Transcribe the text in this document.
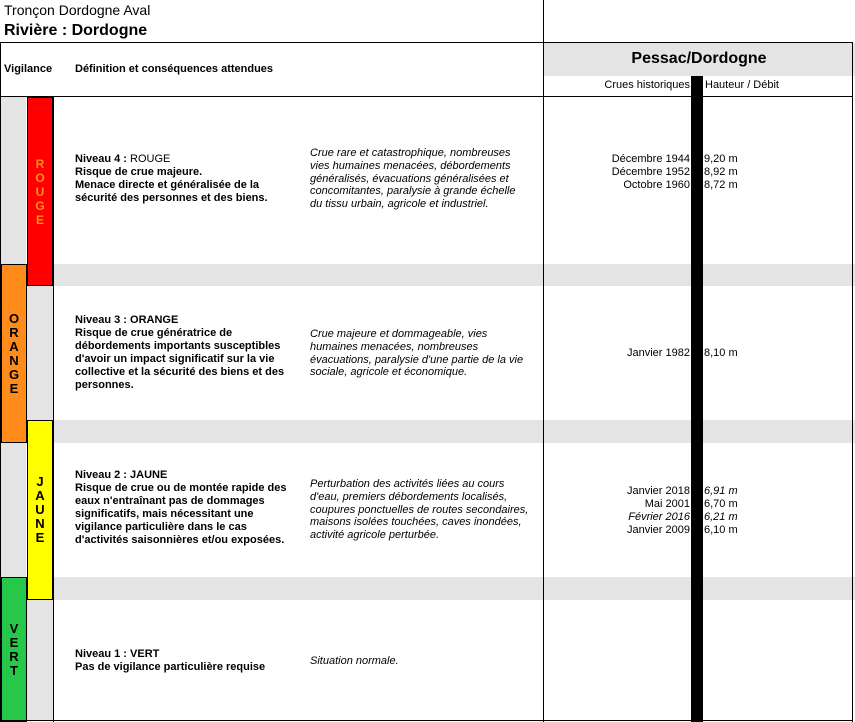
R
O
U
G
E
O
R
A
N
G
E
J
A
U
N
E
V
E
R
T
Tronçon Dordogne Aval
Rivière : Dordogne
Pessac/Dordogne
Vigilance Définition et conséquences attendues
Crues historiques Hauteur / Débit
Niveau 4 : ROUGE
Risque de crue majeure.
Menace directe et généralisée de la
sécurité des personnes et des biens.
Crue rare et catastrophique, nombreuses
vies humaines menacées, débordements
généralisés, évacuations généralisées et
concomitantes, paralysie à grande échelle
du tissu urbain, agricole et industriel.
Décembre 1944
Décembre 1952
Octobre 1960
9,20 m
8,92 m
8,72 m
Niveau 3 : ORANGE
Risque de crue génératrice de
débordements importants susceptibles
d'avoir un impact significatif sur la vie
collective et la sécurité des biens et des
personnes.
Crue majeure et dommageable, vies
humaines menacées, nombreuses
évacuations, paralysie d'une partie de la vie
sociale, agricole et économique.
Janvier 1982 8,10 m
Niveau 2 : JAUNE
Risque de crue ou de montée rapide des
eaux n'entraînant pas de dommages
significatifs, mais nécessitant une
vigilance particulière dans le cas
d'activités saisonnières et/ou exposées.
Perturbation des activités liées au cours
d'eau, premiers débordements localisés,
coupures ponctuelles de routes secondaires,
maisons isolées touchées, caves inondées,
activité agricole perturbée.
Janvier 2018
Mai 2001
Février 2016
Janvier 2009
6,91 m
6,70 m
6,21 m
6,10 m
Niveau 1 : VERT
Pas de vigilance particulière requise	Situation normale.
